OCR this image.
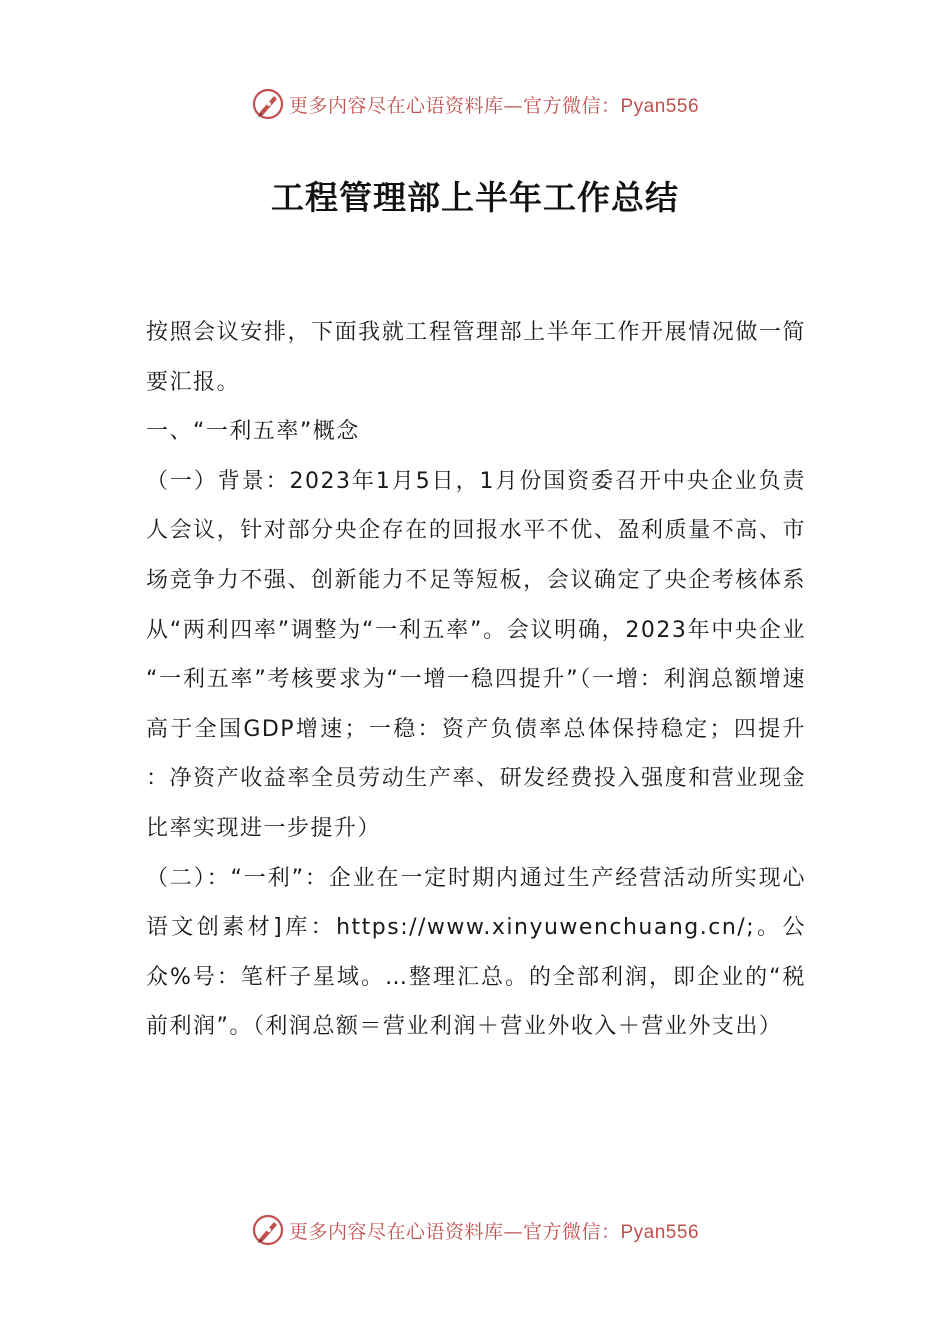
更多内容尽在心语资料库—官方微信：Pyan556
工程管理部上半年工作总结

按照会议安排，下面我就工程管理部上半年工作开展情况做一简要汇报。

一、“一利五率”概念

（一）背景：2023年1月5日，1月份国资委召开中央企业负责人会议，针对部分央企存在的回报水平不优、盈利质量不高、市场竞争力不强、创新能力不足等短板，会议确定了央企考核体系从“两利四率”调整为“一利五率”。会议明确，2023年中央企业“一利五率”考核要求为“一增一稳四提升”（一增：利润总额增速高于全国GDP增速；一稳：资产负债率总体保持稳定；四提升：净资产收益率全员劳动生产率、研发经费投入强度和营业现金比率实现进一步提升）

（二）：“一利”：企业在一定时期内通过生产经营活动所实现心语文创素材]库：https://www.xinyuwenchuang.cn/;。公众%号：笔杆子星域。…整理汇总。的全部利润，即企业的“税前利润”。（利润总额＝营业利润＋营业外收入＋营业外支出）

更多内容尽在心语资料库—官方微信：Pyan556
